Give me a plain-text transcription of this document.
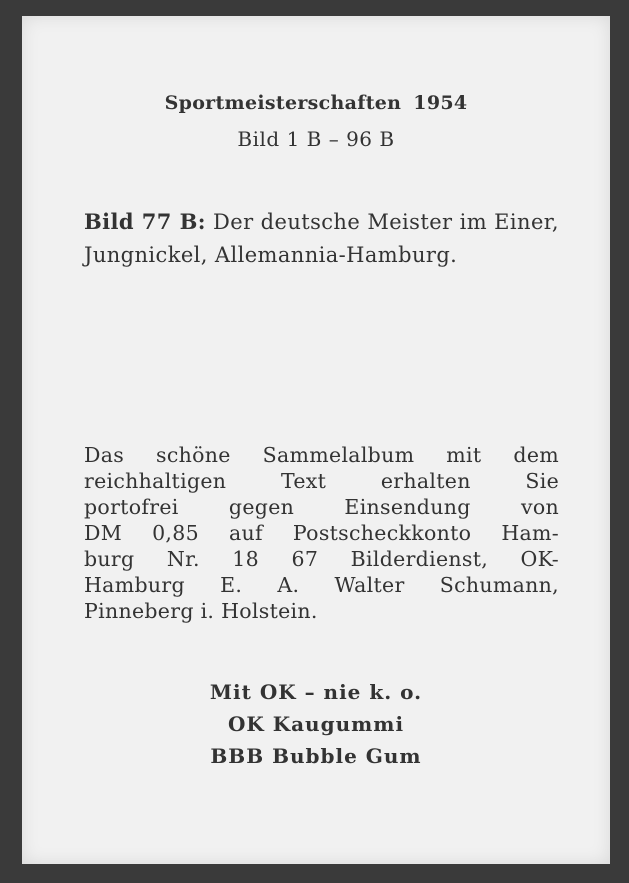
Sportmeisterschaften 1954
Bild 1 B – 96 B
Bild 77 B: Der deutsche Meister im Einer, Jungnickel, Allemannia-Hamburg.
Das schöne Sammelalbum mit dem
reichhaltigen Text erhalten Sie
portofrei gegen Einsendung von
DM 0,85 auf Postscheckkonto Ham-
burg Nr. 18 67 Bilderdienst, OK-
Hamburg E. A. Walter Schumann,
Pinneberg i. Holstein.
Mit OK – nie k. o.
OK Kaugummi
BBB Bubble Gum
